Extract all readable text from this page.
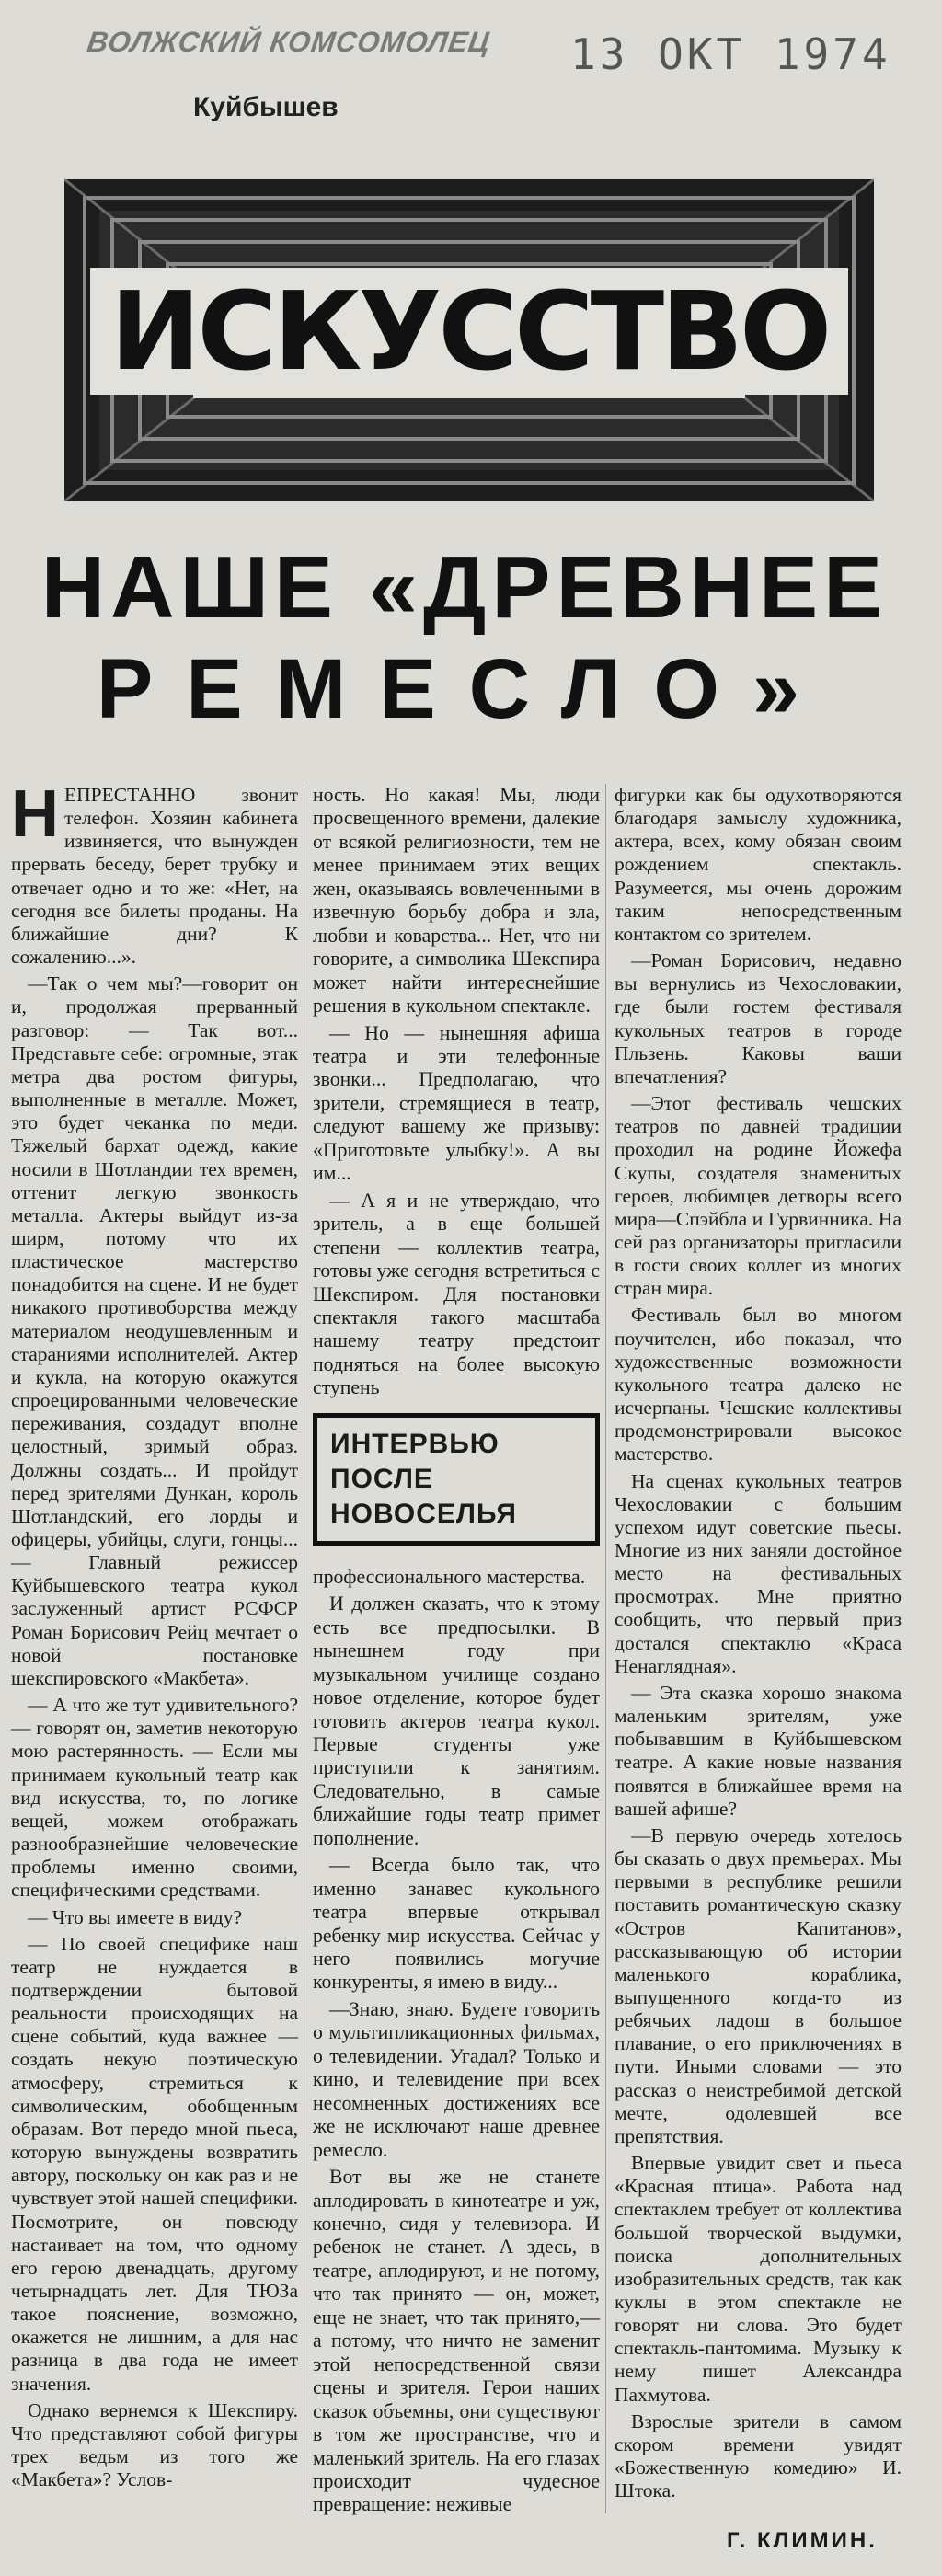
ВОЛЖСКИЙ КОМСОМОЛЕЦ 13 ОКТ 1974
Куйбышев
ИСКУССТВО
НАШЕ «ДРЕВНЕЕ
РЕМЕСЛО»

НЕПРЕСТАННО звонит телефон. Хозяин кабинета извиняется, что вынужден прервать беседу, берет трубку и отвечает одно и то же: «Нет, на сегодня все билеты проданы. На ближайшие дни? К сожалению...».

—Так о чем мы?—говорит он и, продолжая прерванный разговор: — Так вот... Представьте себе: огромные, этак метра два ростом фигуры, выполненные в металле. Может, это будет чеканка по меди. Тяжелый бархат одежд, какие носили в Шотландии тех времен, оттенит легкую звонкость металла. Актеры выйдут из-за ширм, потому что их пластическое мастерство понадобится на сцене. И не будет никакого противоборства между материалом неодушевленным и стараниями исполнителей. Актер и кукла, на которую окажутся спроецированными человеческие переживания, создадут вполне целостный, зримый образ. Должны создать... И пройдут перед зрителями Дункан, король Шотландский, его лорды и офицеры, убийцы, слуги, гонцы... — Главный режиссер Куйбышевского театра кукол заслуженный артист РСФСР Роман Борисович Рейц мечтает о новой постановке шекспировского «Макбета».

— А что же тут удивительного? — говорят он, заметив некоторую мою растерянность. — Если мы принимаем кукольный театр как вид искусства, то, по логике вещей, можем отображать разнообразнейшие человеческие проблемы именно своими, специфическими средствами.

— Что вы имеете в виду?

— По своей специфике наш театр не нуждается в подтверждении бытовой реальности происходящих на сцене событий, куда важнее — создать некую поэтическую атмосферу, стремиться к символическим, обобщенным образам. Вот передо мной пьеса, которую вынуждены возвратить автору, поскольку он как раз и не чувствует этой нашей специфики. Посмотрите, он повсюду настаивает на том, что одному его герою двенадцать, другому четырнадцать лет. Для ТЮЗа такое пояснение, возможно, окажется не лишним, а для нас разница в два года не имеет значения.

Однако вернемся к Шекспиру. Что представляют собой фигуры трех ведьм из того же «Макбета»? Услов-

ность. Но какая! Мы, люди просвещенного времени, далекие от всякой религиозности, тем не менее принимаем этих вещих жен, оказываясь вовлеченными в извечную борьбу добра и зла, любви и коварства... Нет, что ни говорите, а символика Шекспира может найти интереснейшие решения в кукольном спектакле.

— Но — нынешняя афиша театра и эти телефонные звонки... Предполагаю, что зрители, стремящиеся в театр, следуют вашему же призыву: «Приготовьте улыбку!». А вы им...

— А я и не утверждаю, что зритель, а в еще большей степени — коллектив театра, готовы уже сегодня встретиться с Шекспиром. Для постановки спектакля такого масштаба нашему театру предстоит подняться на более высокую ступень

ИНТЕРВЬЮ
ПОСЛЕ
НОВОСЕЛЬЯ

профессионального мастерства.

И должен сказать, что к этому есть все предпосылки. В нынешнем году при музыкальном училище создано новое отделение, которое будет готовить актеров театра кукол. Первые студенты уже приступили к занятиям. Следовательно, в самые ближайшие годы театр примет пополнение.

— Всегда было так, что именно занавес кукольного театра впервые открывал ребенку мир искусства. Сейчас у него появились могучие конкуренты, я имею в виду...

—Знаю, знаю. Будете говорить о мультипликационных фильмах, о телевидении. Угадал? Только и кино, и телевидение при всех несомненных достижениях все же не исключают наше древнее ремесло.

Вот вы же не станете аплодировать в кинотеатре и уж, конечно, сидя у телевизора. И ребенок не станет. А здесь, в театре, аплодируют, и не потому, что так принято — он, может, еще не знает, что так принято,— а потому, что ничто не заменит этой непосредственной связи сцены и зрителя. Герои наших сказок объемны, они существуют в том же пространстве, что и маленький зритель. На его глазах происходит чудесное превращение: неживые

фигурки как бы одухотворяются благодаря замыслу художника, актера, всех, кому обязан своим рождением спектакль. Разумеется, мы очень дорожим таким непосредственным контактом со зрителем.

—Роман Борисович, недавно вы вернулись из Чехословакии, где были гостем фестиваля кукольных театров в городе Пльзень. Каковы ваши впечатления?

—Этот фестиваль чешских театров по давней традиции проходил на родине Йожефа Скупы, создателя знаменитых героев, любимцев детворы всего мира—Спэйбла и Гурвинника. На сей раз организаторы пригласили в гости своих коллег из многих стран мира.

Фестиваль был во многом поучителен, ибо показал, что художественные возможности кукольного театра далеко не исчерпаны. Чешские коллективы продемонстрировали высокое мастерство.

На сценах кукольных театров Чехословакии с большим успехом идут советские пьесы. Многие из них заняли достойное место на фестивальных просмотрах. Мне приятно сообщить, что первый приз достался спектаклю «Краса Ненаглядная».

— Эта сказка хорошо знакома маленьким зрителям, уже побывавшим в Куйбышевском театре. А какие новые названия появятся в ближайшее время на вашей афише?

—В первую очередь хотелось бы сказать о двух премьерах. Мы первыми в республике решили поставить романтическую сказку «Остров Капитанов», рассказывающую об истории маленького кораблика, выпущенного когда-то из ребячьих ладош в большое плавание, о его приключениях в пути. Иными словами — это рассказ о неистребимой детской мечте, одолевшей все препятствия.

Впервые увидит свет и пьеса «Красная птица». Работа над спектаклем требует от коллектива большой творческой выдумки, поиска дополнительных изобразительных средств, так как куклы в этом спектакле не говорят ни слова. Это будет спектакль-пантомима. Музыку к нему пишет Александра Пахмутова.

Взрослые зрители в самом скором времени увидят «Божественную комедию» И. Штока.

Г. КЛИМИН.
